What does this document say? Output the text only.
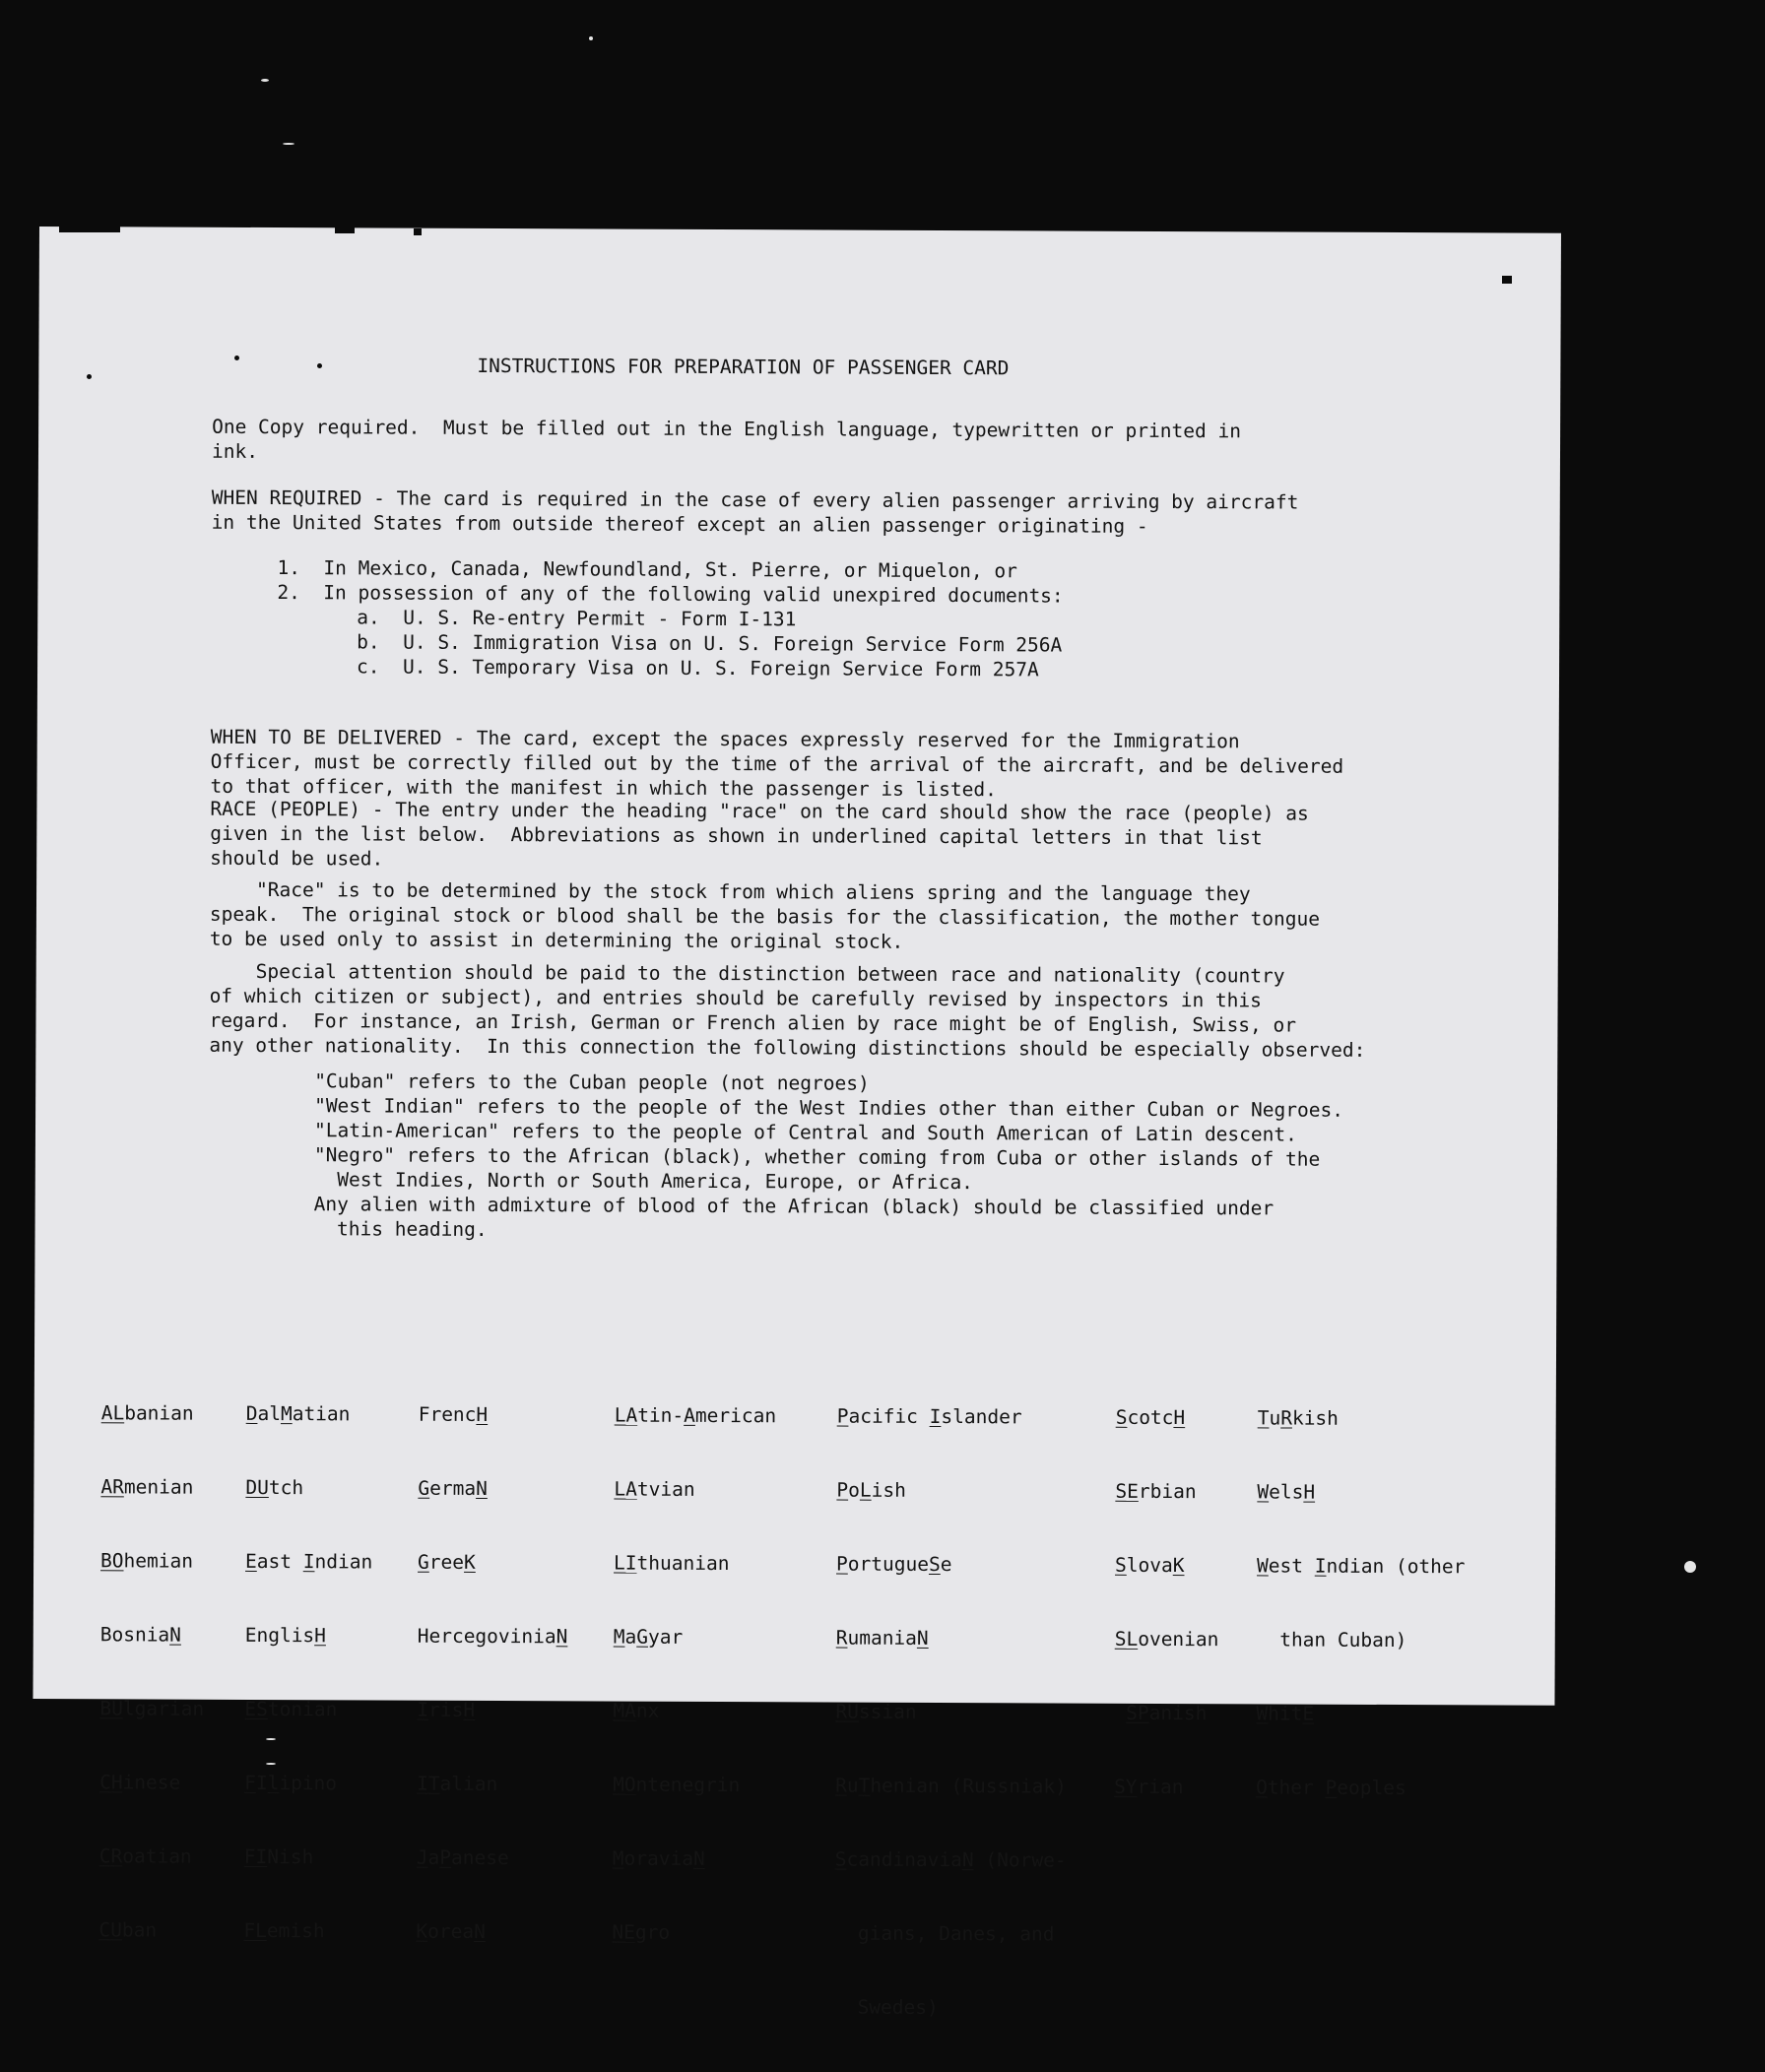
INSTRUCTIONS FOR PREPARATION OF PASSENGER CARD

One Copy required.  Must be filled out in the English language, typewritten or printed in
ink.

WHEN REQUIRED - The card is required in the case of every alien passenger arriving by aircraft
in the United States from outside thereof except an alien passenger originating -

1.  In Mexico, Canada, Newfoundland, St. Pierre, or Miquelon, or
2.  In possession of any of the following valid unexpired documents:

a.  U. S. Re-entry Permit - Form I-131
b.  U. S. Immigration Visa on U. S. Foreign Service Form 256A
c.  U. S. Temporary Visa on U. S. Foreign Service Form 257A

WHEN TO BE DELIVERED - The card, except the spaces expressly reserved for the Immigration
Officer, must be correctly filled out by the time of the arrival of the aircraft, and be delivered
to that officer, with the manifest in which the passenger is listed.

RACE (PEOPLE) - The entry under the heading "race" on the card should show the race (people) as
given in the list below.  Abbreviations as shown in underlined capital letters in that list
should be used.

"Race" is to be determined by the stock from which aliens spring and the language they
speak.  The original stock or blood shall be the basis for the classification, the mother tongue
to be used only to assist in determining the original stock.

Special attention should be paid to the distinction between race and nationality (country
of which citizen or subject), and entries should be carefully revised by inspectors in this
regard.  For instance, an Irish, German or French alien by race might be of English, Swiss, or
any other nationality.  In this connection the following distinctions should be especially observed:

"Cuban" refers to the Cuban people (not negroes)
"West Indian" refers to the people of the West Indies other than either Cuban or Negroes.
"Latin-American" refers to the people of Central and South American of Latin descent.
"Negro" refers to the African (black), whether coming from Cuba or other islands of the
West Indies, North or South America, Europe, or Africa.
Any alien with admixture of blood of the African (black) should be classified under
this heading.

ALbanian

ARmenian

BOhemian

BosniaN

BUlgarian

CHinese

CRoatian

CUban

DalMatian

DUtch

East Indian

EnglisH

EStonian

FIlipino

FINish

FLemish

FrencH

GermaN

GreeK

HercegoviniaN

IrisH

ITalian

JaPanese

KoreaN

LAtin-American

LAtvian

LIthuanian

MaGyar

MAnx

MOntenegrin

MoraviaN

NEgro

Pacific Islander

PoLish

PortugueSe

RumaniaN

RUssian

RuThenian (Russniak)

ScandinaviaN (Norwe-

gians, Danes, and

Swedes)

ScotcH

SErbian

SlovaK

SLovenian

SPanish

SYrian

TuRkish

WelsH

West Indian (other

than Cuban)

WhitE

Other Peoples
